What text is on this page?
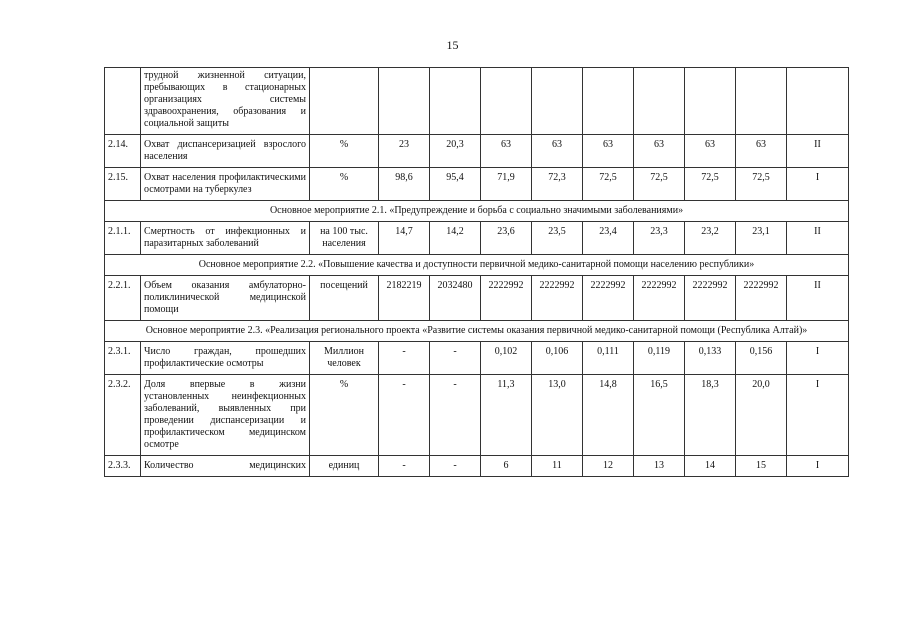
15
	трудной жизненной ситуации, пребывающих в стационарных организациях системы здравоохранения, образования и социальной защиты										
2.14.	Охват диспансеризацией взрослого населения	%	23	20,3	63	63	63	63	63	63	II
2.15.	Охват населения профилактическими осмотрами на туберкулез	%	98,6	95,4	71,9	72,3	72,5	72,5	72,5	72,5	I
Основное мероприятие 2.1. «Предупреждение и борьба с социально значимыми заболеваниями»											
2.1.1.	Смертность от инфекционных и паразитарных заболеваний	на 100 тыс. населения	14,7	14,2	23,6	23,5	23,4	23,3	23,2	23,1	II
Основное мероприятие 2.2. «Повышение качества и доступности первичной медико-санитарной помощи населению республики»											
2.2.1.	Объем оказания амбулаторно-поликлинической медицинской помощи	посещений	2182219	2032480	2222992	2222992	2222992	2222992	2222992	2222992	II
Основное мероприятие 2.3. «Реализация регионального проекта «Развитие системы оказания первичной медико-санитарной помощи (Республика Алтай)»											
2.3.1.	Число граждан, прошедших профилактические осмотры	Миллион человек	-	-	0,102	0,106	0,111	0,119	0,133	0,156	I
2.3.2.	Доля впервые в жизни установленных неинфекционных заболеваний, выявленных при проведении диспансеризации и профилактическом медицинском осмотре	%	-	-	11,3	13,0	14,8	16,5	18,3	20,0	I
2.3.3.	Количество медицинских	единиц	-	-	6	11	12	13	14	15	I
